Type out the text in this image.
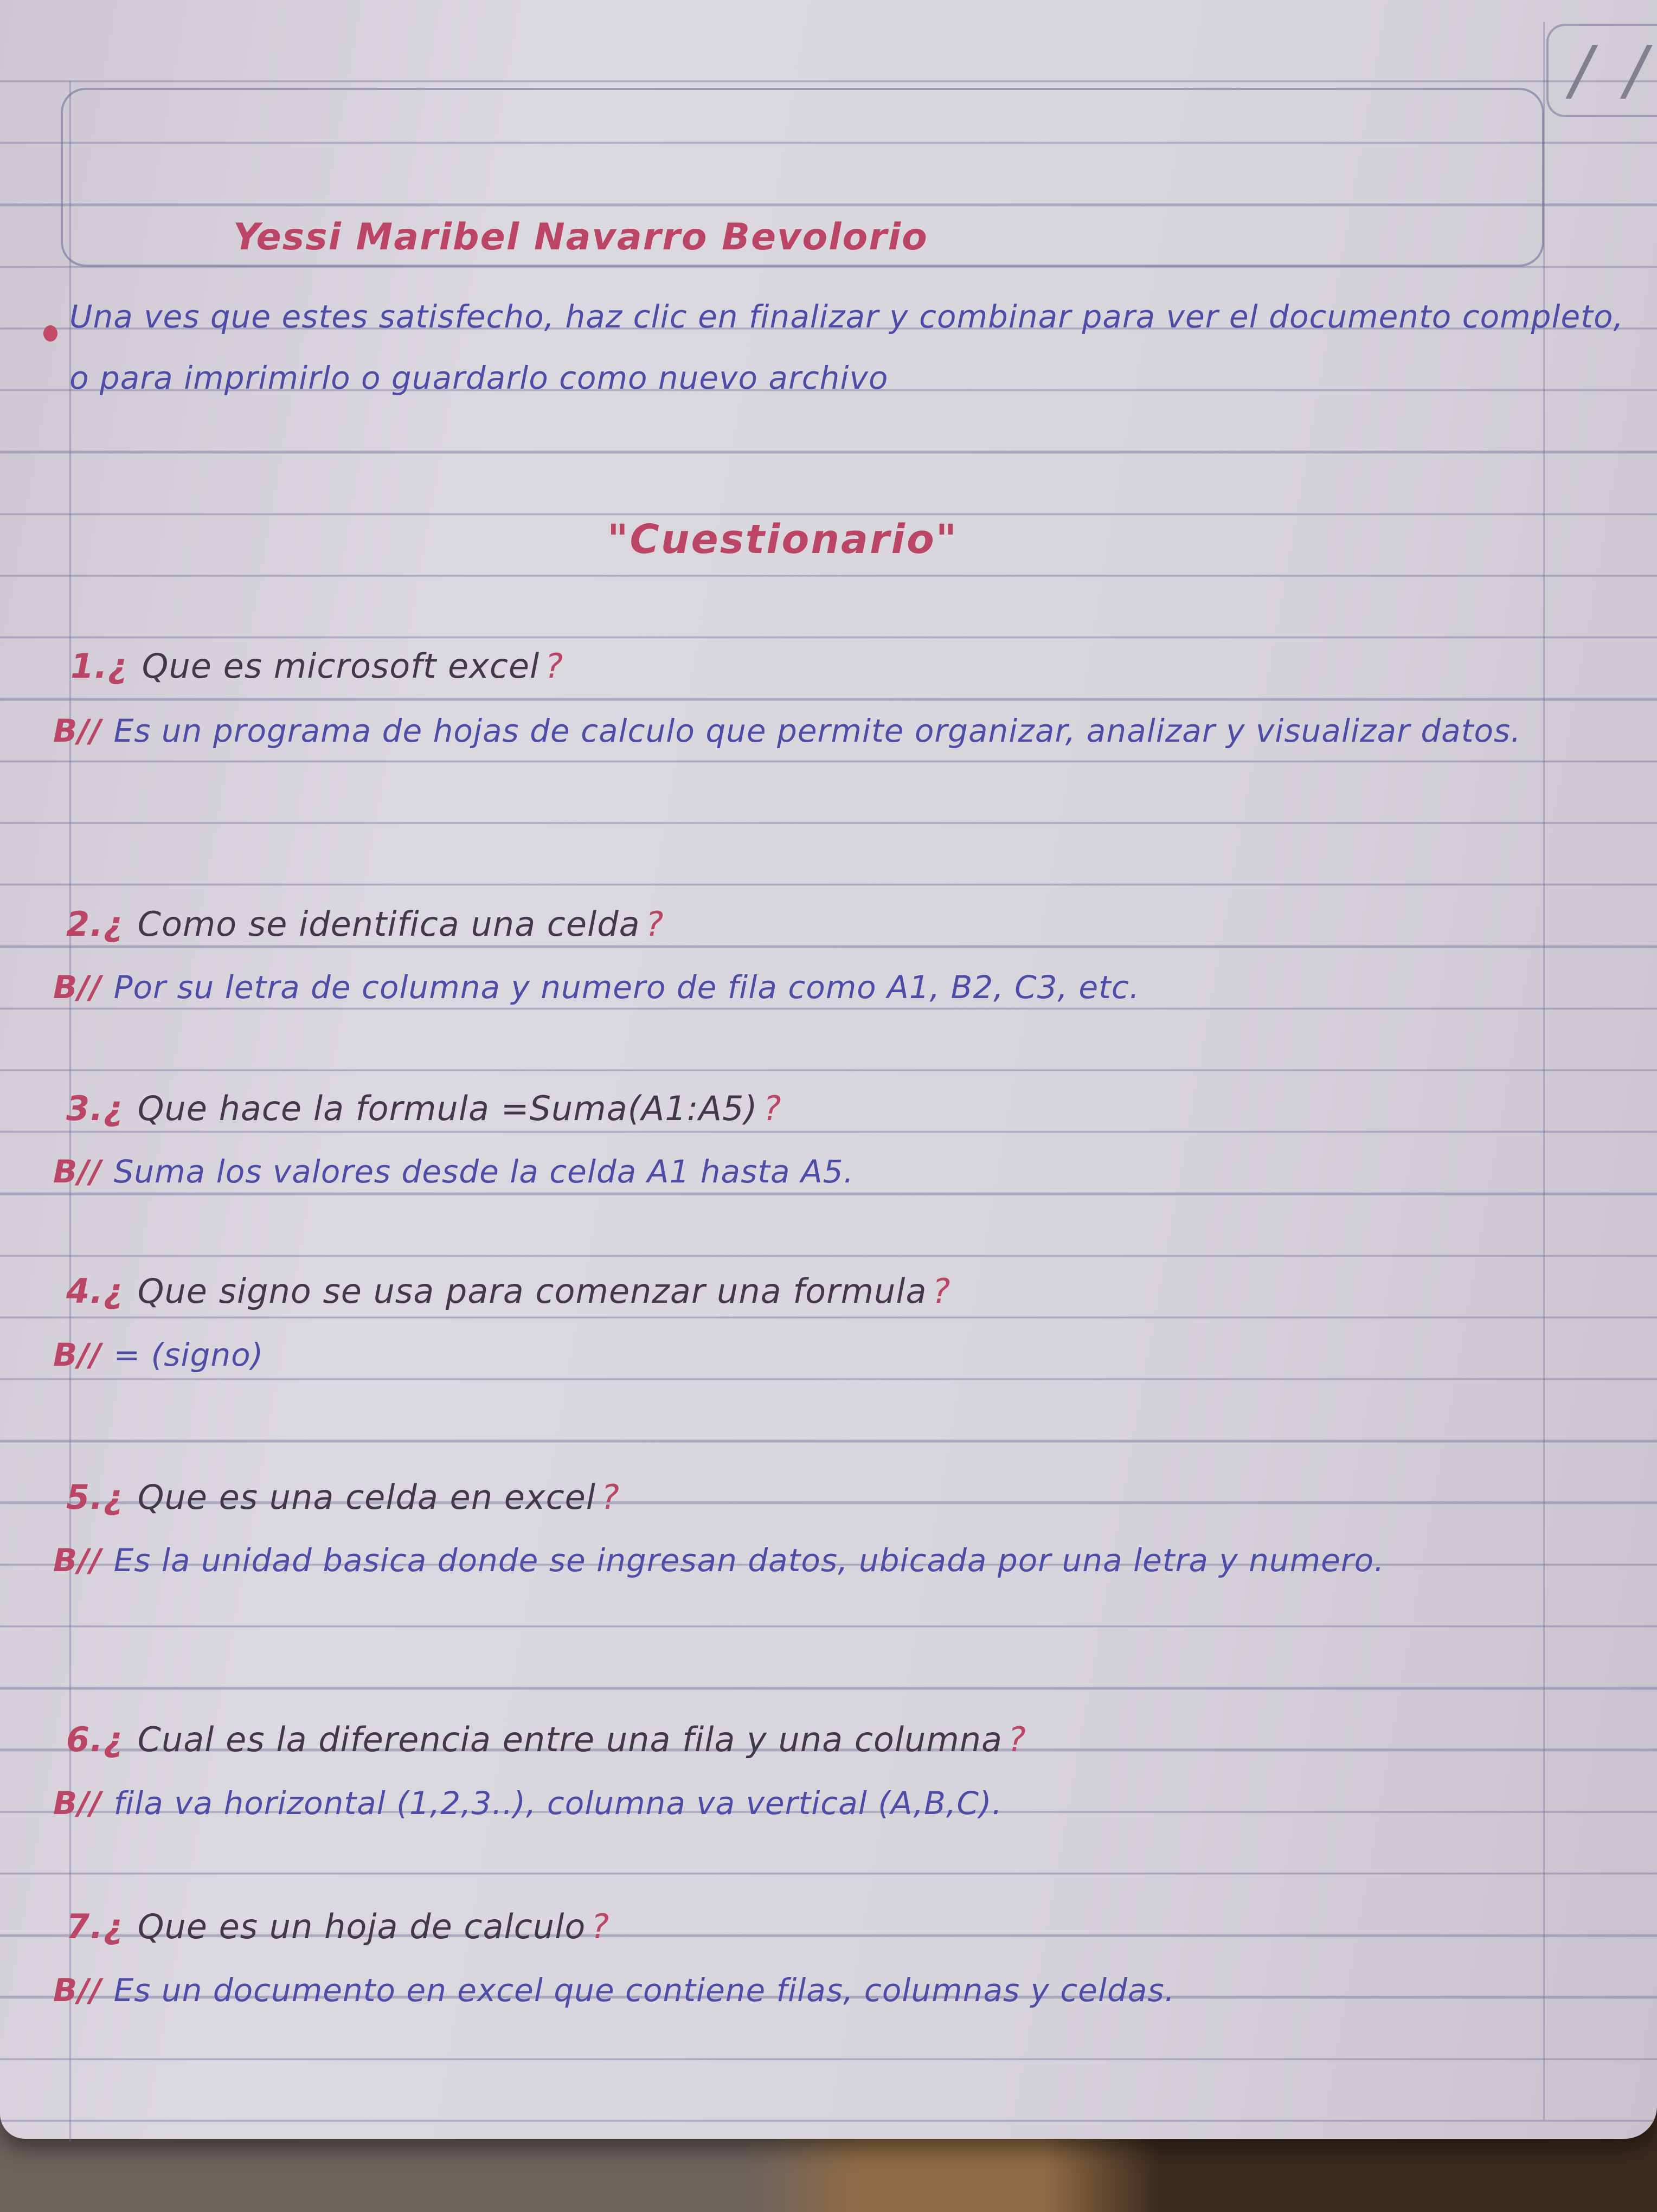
/ /
Yessi Maribel Navarro Bevolorio
Una ves que estes satisfecho, haz clic en finalizar y combinar para ver el documento completo, o para imprimirlo o guardarlo como nuevo archivo
"Cuestionario"
1.¿ Que es microsoft excel ?
B// Es un programa de hojas de calculo que permite organizar, analizar y visualizar datos.
2.¿ Como se identifica una celda ?
B// Por su letra de columna y numero de fila como A1, B2, C3, etc.
3.¿ Que hace la formula =Suma(A1:A5) ?
B// Suma los valores desde la celda A1 hasta A5.
4.¿ Que signo se usa para comenzar una formula ?
B// = (signo)
5.¿ Que es una celda en excel ?
B// Es la unidad basica donde se ingresan datos, ubicada por una letra y numero.
6.¿ Cual es la diferencia entre una fila y una columna ?
B// fila va horizontal (1,2,3..), columna va vertical (A,B,C).
7.¿ Que es un hoja de calculo ?
B// Es un documento en excel que contiene filas, columnas y celdas.
